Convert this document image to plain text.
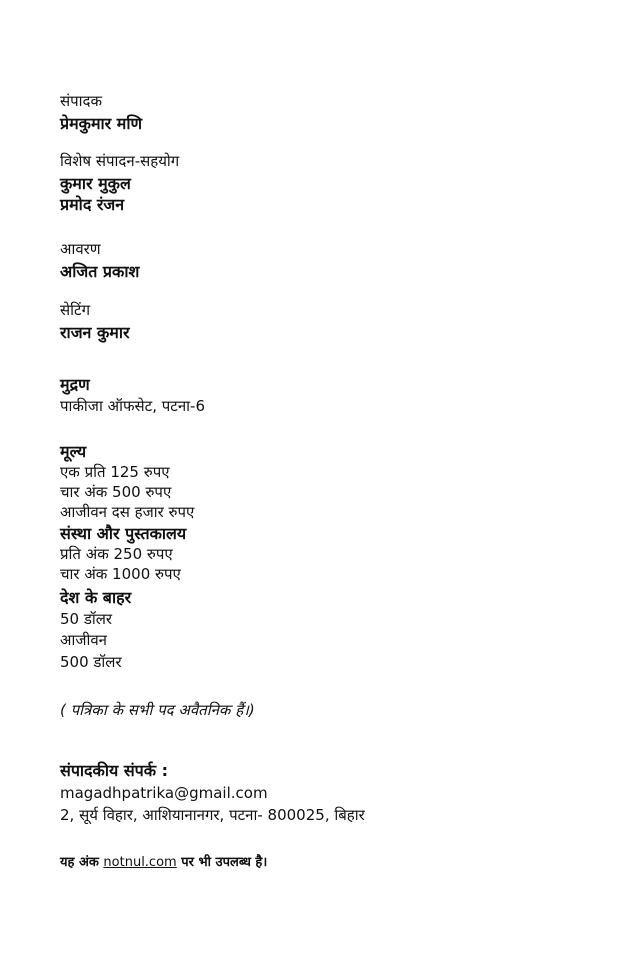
संपादक
प्रेमकुमार मणि
विशेष संपादन-सहयोग
कुमार मुकुल
प्रमोद रंजन
आवरण
अजित प्रकाश
सेटिंग
राजन कुमार
मुद्रण
पाकीजा ऑफसेट, पटना-6
मूल्य
एक प्रति 125 रुपए
चार अंक 500 रुपए
आजीवन दस हजार रुपए
संस्था और पुस्तकालय
प्रति अंक 250 रुपए
चार अंक 1000 रुपए
देश के बाहर
50 डॉलर
आजीवन
500 डॉलर
( पत्रिका के सभी पद अवैतनिक हैं।)
संपादकीय संपर्क :
magadhpatrika@gmail.com
2, सूर्य विहार, आशियानानगर, पटना- 800025, बिहार
यह अंक notnul.com पर भी उपलब्ध है।
